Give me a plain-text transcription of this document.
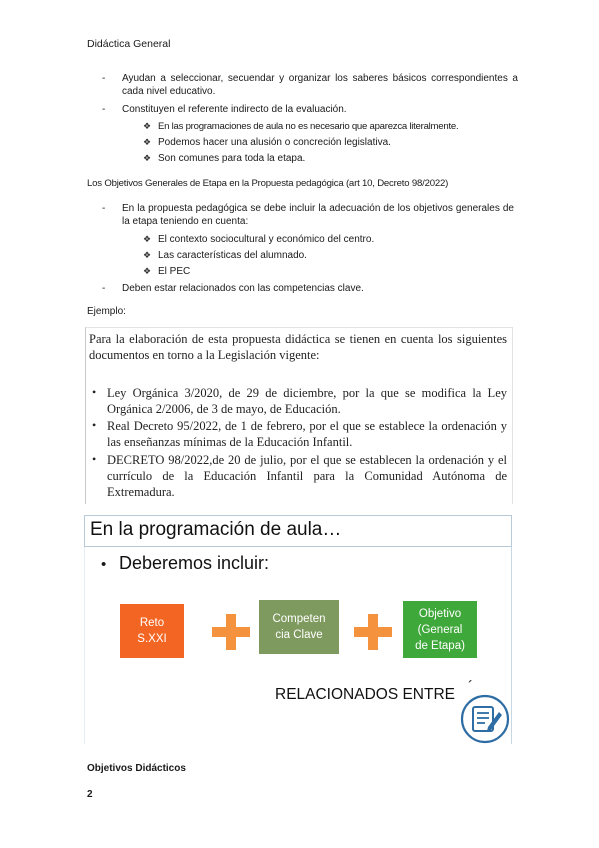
Didáctica General
- Ayudan a seleccionar, secuendar y organizar los saberes básicos correspondientes a cada nivel educativo.
- Constituyen el referente indirecto de la evaluación.
❖ En las programaciones de aula no es necesario que aparezca literalmente.
❖ Podemos hacer una alusión o concreción legislativa.
❖ Son comunes para toda la etapa.
Los Objetivos Generales de Etapa en la Propuesta pedagógica (art 10, Decreto 98/2022)
- En la propuesta pedagógica se debe incluir la adecuación de los objetivos generales de la etapa teniendo en cuenta:
❖ El contexto sociocultural y económico del centro.
❖ Las características del alumnado.
❖ El PEC
- Deben estar relacionados con las competencias clave.
Ejemplo:
Para la elaboración de esta propuesta didáctica se tienen en cuenta los siguientes documentos en torno a la Legislación vigente:
• Ley Orgánica 3/2020, de 29 de diciembre, por la que se modifica la Ley Orgánica 2/2006, de 3 de mayo, de Educación.
• Real Decreto 95/2022, de 1 de febrero, por el que se establece la ordenación y las enseñanzas mínimas de la Educación Infantil.
• DECRETO 98/2022,de 20 de julio, por el que se establecen la ordenación y el currículo de la Educación Infantil para la Comunidad Autónoma de Extremadura.
En la programación de aula…
• Deberemos incluir:
Reto
S.XXI
Competen
cia Clave
Objetivo
(General
de Etapa)
RELACIONADOS ENTRE ´
Objetivos Didácticos
2
